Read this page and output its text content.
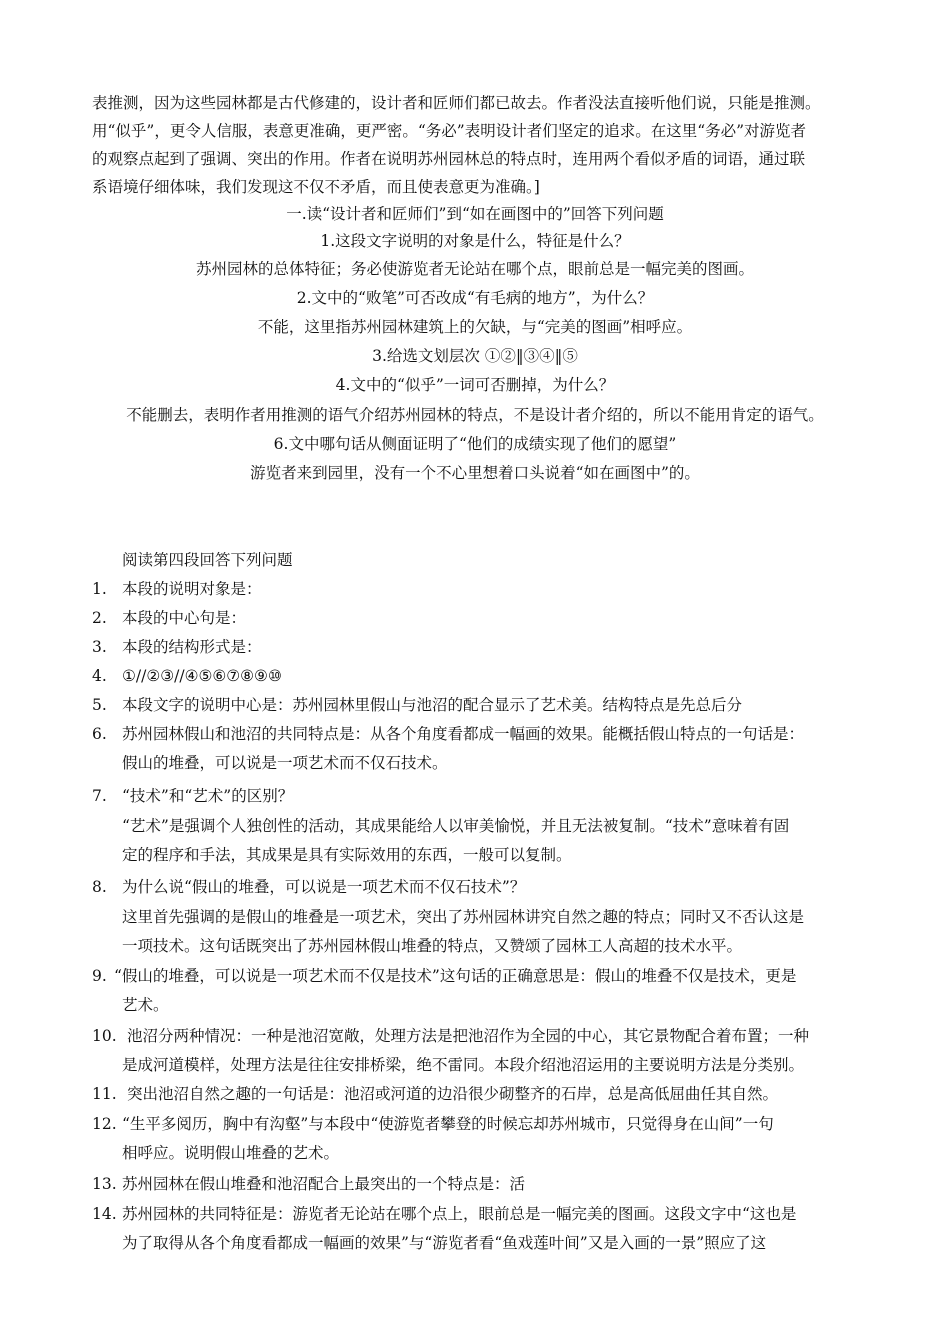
表推测，因为这些园林都是古代修建的，设计者和匠师们都已故去。作者没法直接听他们说，只能是推测。
用“似乎”，更令人信服，表意更准确，更严密。“务必”表明设计者们坚定的追求。在这里“务必”对游览者
的观察点起到了强调、突出的作用。作者在说明苏州园林总的特点时，连用两个看似矛盾的词语，通过联
系语境仔细体味，我们发现这不仅不矛盾，而且使表意更为准确。]
一.读“设计者和匠师们”到“如在画图中的”回答下列问题
1.这段文字说明的对象是什么，特征是什么？
苏州园林的总体特征；务必使游览者无论站在哪个点，眼前总是一幅完美的图画。
2.文中的“败笔”可否改成“有毛病的地方”，为什么？
不能，这里指苏州园林建筑上的欠缺，与“完美的图画”相呼应。
3.给选文划层次 ①②‖③④‖⑤
4.文中的“似乎”一词可否删掉，为什么？
不能删去，表明作者用推测的语气介绍苏州园林的特点，不是设计者介绍的，所以不能用肯定的语气。
6.文中哪句话从侧面证明了“他们的成绩实现了他们的愿望”
游览者来到园里，没有一个不心里想着口头说着“如在画图中”的。
阅读第四段回答下列问题
1. 本段的说明对象是：
2. 本段的中心句是：
3. 本段的结构形式是：
4. ①//②③//④⑤⑥⑦⑧⑨⑩
5. 本段文字的说明中心是：苏州园林里假山与池沼的配合显示了艺术美。结构特点是先总后分
6. 苏州园林假山和池沼的共同特点是：从各个角度看都成一幅画的效果。能概括假山特点的一句话是：
假山的堆叠，可以说是一项艺术而不仅石技术。
7. “技术”和“艺术”的区别？
“艺术”是强调个人独创性的活动，其成果能给人以审美愉悦，并且无法被复制。“技术”意味着有固
定的程序和手法，其成果是具有实际效用的东西，一般可以复制。
8. 为什么说“假山的堆叠，可以说是一项艺术而不仅石技术”？
这里首先强调的是假山的堆叠是一项艺术，突出了苏州园林讲究自然之趣的特点；同时又不否认这是
一项技术。这句话既突出了苏州园林假山堆叠的特点，又赞颂了园林工人高超的技术水平。
9. “假山的堆叠，可以说是一项艺术而不仅是技术”这句话的正确意思是：假山的堆叠不仅是技术，更是
艺术。
10. 池沼分两种情况：一种是池沼宽敞，处理方法是把池沼作为全园的中心，其它景物配合着布置；一种
是成河道模样，处理方法是往往安排桥梁，绝不雷同。本段介绍池沼运用的主要说明方法是分类别。
11. 突出池沼自然之趣的一句话是：池沼或河道的边沿很少砌整齐的石岸，总是高低屈曲任其自然。
12. “生平多阅历，胸中有沟壑”与本段中“使游览者攀登的时候忘却苏州城市，只觉得身在山间”一句
相呼应。说明假山堆叠的艺术。
13. 苏州园林在假山堆叠和池沼配合上最突出的一个特点是：活
14. 苏州园林的共同特征是：游览者无论站在哪个点上，眼前总是一幅完美的图画。这段文字中“这也是
为了取得从各个角度看都成一幅画的效果”与“游览者看“鱼戏莲叶间”又是入画的一景”照应了这
